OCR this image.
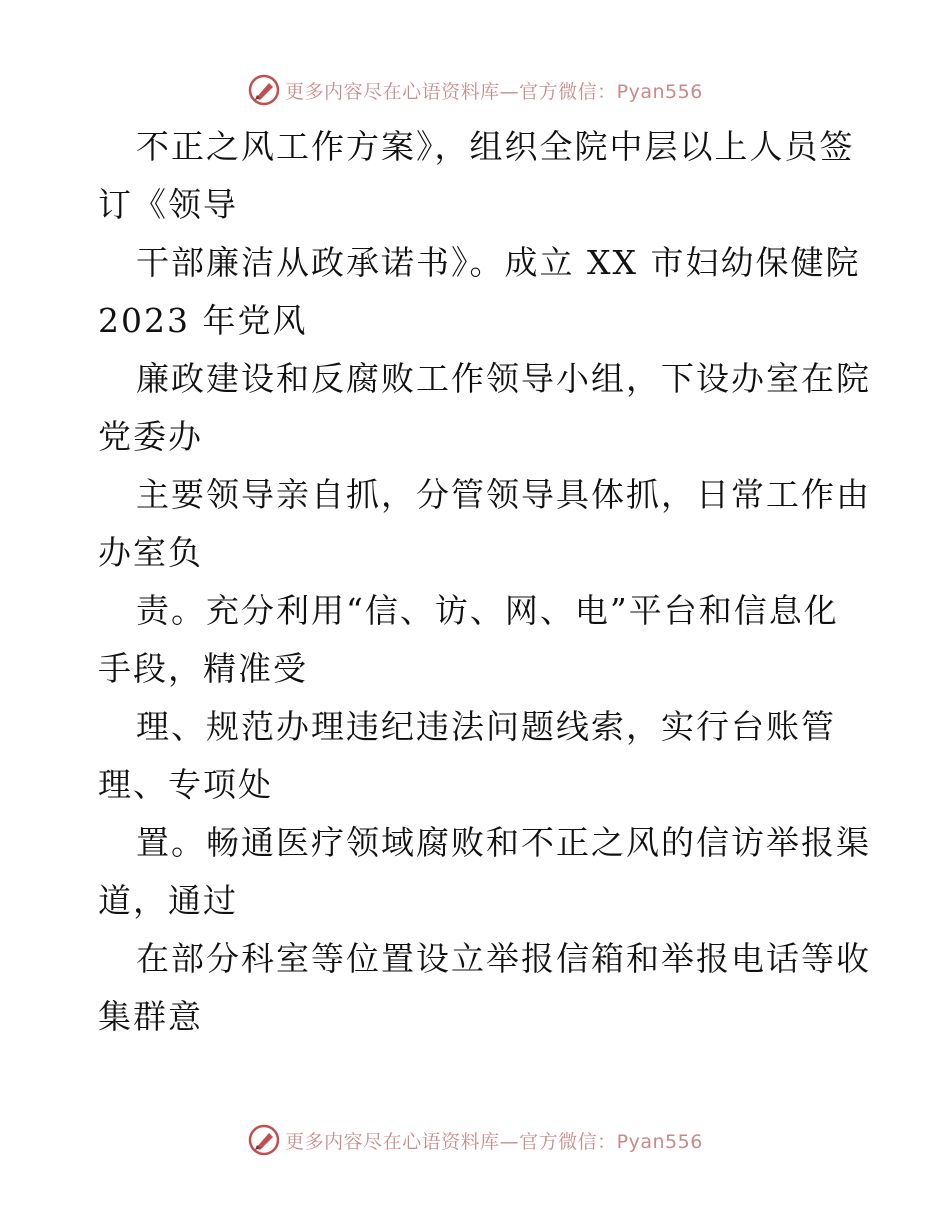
更多内容尽在心语资料库—官方微信：Pyan556
不正之风工作方案》，组织全院中层以上人员签
订《领导
干部廉洁从政承诺书》。成立 XX 市妇幼保健院
2023 年党风
廉政建设和反腐败工作领导小组，下设办室在院
党委办
主要领导亲自抓，分管领导具体抓，日常工作由
办室负
责。充分利用“信、访、网、电”平台和信息化
手段，精准受
理、规范办理违纪违法问题线索，实行台账管
理、专项处
置。畅通医疗领域腐败和不正之风的信访举报渠
道，通过
在部分科室等位置设立举报信箱和举报电话等收
集群意
更多内容尽在心语资料库—官方微信：Pyan556
